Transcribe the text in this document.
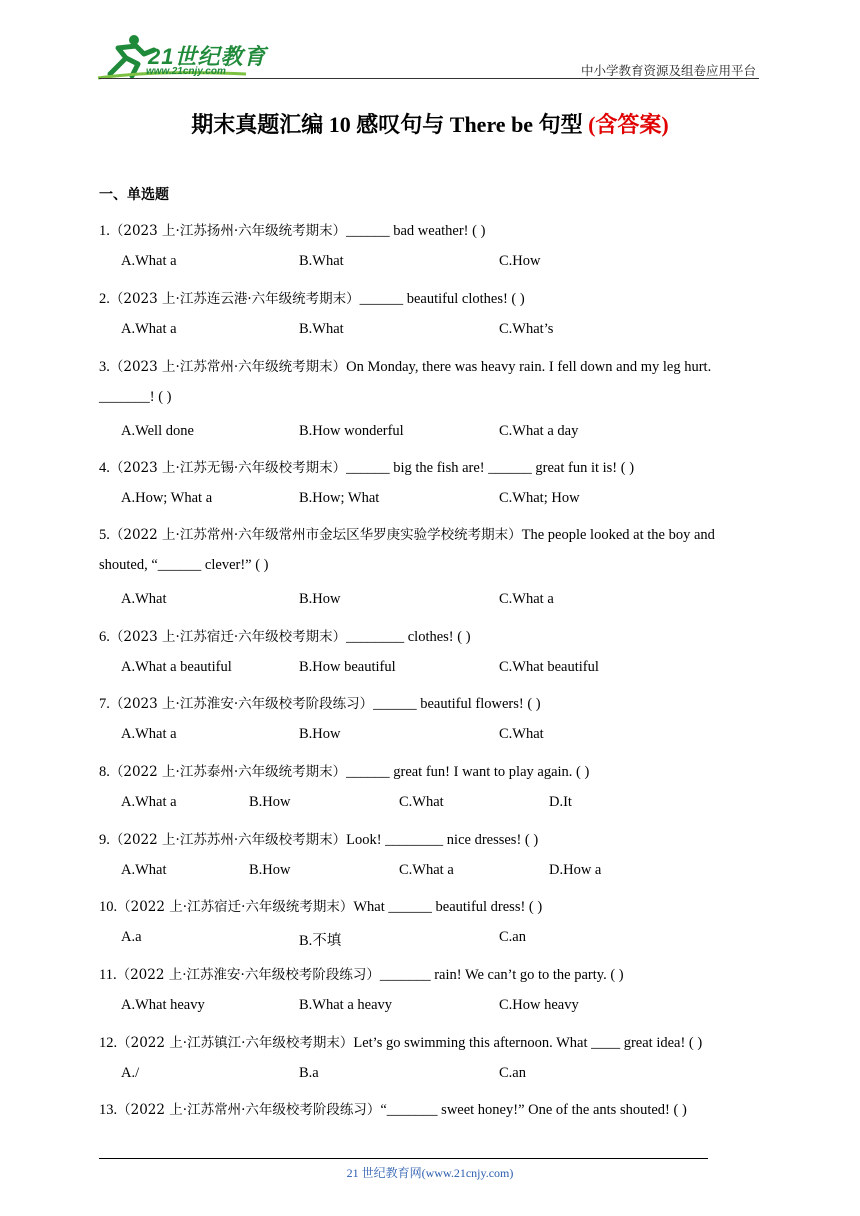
21世纪教育
www.21cnjy.com	中小学教育资源及组卷应用平台
期末真题汇编 10 感叹句与 There be 句型 (含答案)
一、单选题
1.（2023 上·江苏扬州·六年级统考期末）______ bad weather! ( )
A.What a	B.What	C.How
2.（2023 上·江苏连云港·六年级统考期末）______ beautiful clothes! ( )
A.What a	B.What	C.What’s
3.（2023 上·江苏常州·六年级统考期末）On Monday, there was heavy rain. I fell down and my leg hurt.
_______! ( )
A.Well done	B.How wonderful	C.What a day
4.（2023 上·江苏无锡·六年级校考期末）______ big the fish are! ______ great fun it is! ( )
A.How; What a	B.How; What	C.What; How
5.（2022 上·江苏常州·六年级常州市金坛区华罗庚实验学校统考期末）The people looked at the boy and
shouted, “______ clever!” ( )
A.What	B.How	C.What a
6.（2023 上·江苏宿迁·六年级校考期末）________ clothes! ( )
A.What a beautiful	B.How beautiful	C.What beautiful
7.（2023 上·江苏淮安·六年级校考阶段练习）______ beautiful flowers! ( )
A.What a	B.How	C.What
8.（2022 上·江苏泰州·六年级统考期末）______ great fun! I want to play again. ( )
A.What a	B.How	C.What	D.It
9.（2022 上·江苏苏州·六年级校考期末）Look! ________ nice dresses! ( )
A.What	B.How	C.What a	D.How a
10.（2022 上·江苏宿迁·六年级统考期末）What ______ beautiful dress! ( )
A.a	B.不填	C.an
11.（2022 上·江苏淮安·六年级校考阶段练习）_______ rain! We can’t go to the party. ( )
A.What heavy	B.What a heavy	C.How heavy
12.（2022 上·江苏镇江·六年级校考期末）Let’s go swimming this afternoon. What ____ great idea! ( )
A./	B.a	C.an
13.（2022 上·江苏常州·六年级校考阶段练习）“_______ sweet honey!” One of the ants shouted! ( )
21 世纪教育网(www.21cnjy.com)
